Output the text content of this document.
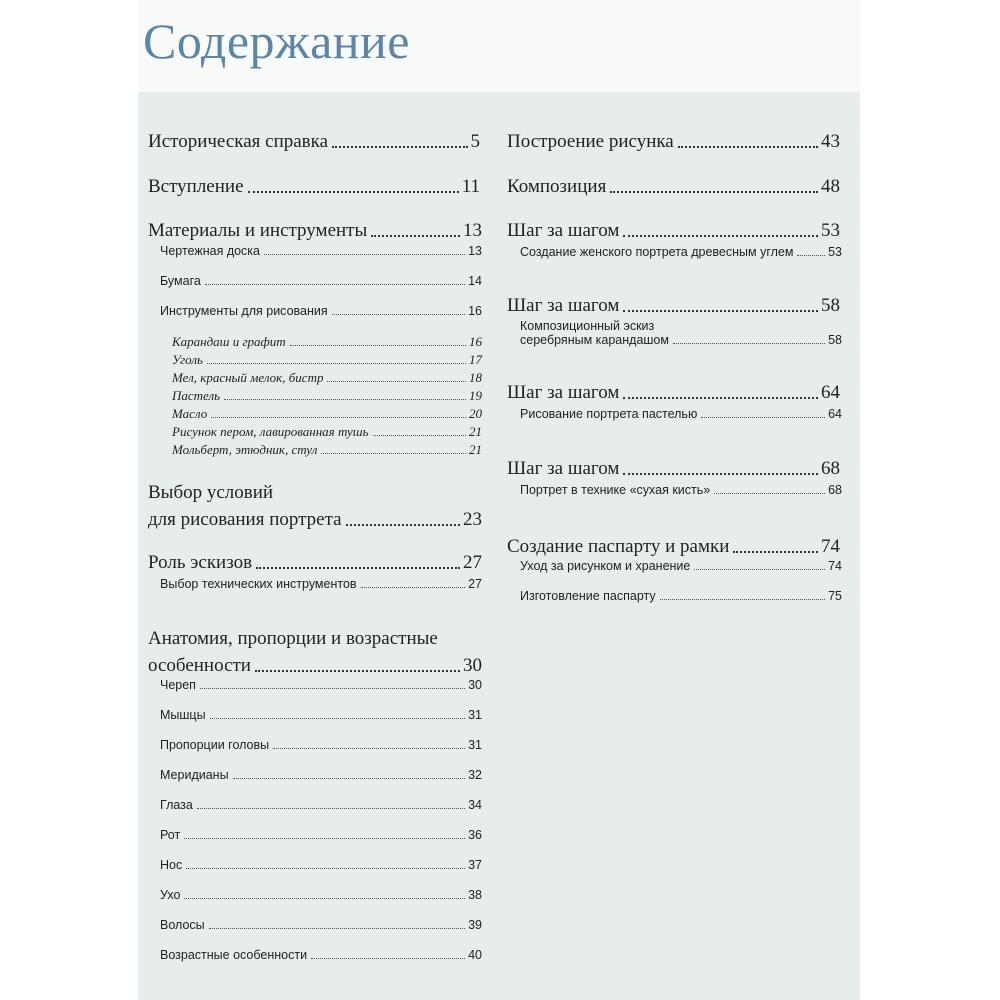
Содержание
Историческая справка	5
Вступление	11
Материалы и инструменты	13
Чертежная доска	13
Бумага	14
Инструменты для рисования	16
Карандаш и графит	16
Уголь	17
Мел, красный мелок, бистр	18
Пастель	19
Масло	20
Рисунок пером, лавированная тушь	21
Мольберт, этюдник, стул	21
Выбор условий
для рисования портрета	23
Роль эскизов	27
Выбор технических инструментов	27
Анатомия, пропорции и возрастные
особенности	30
Череп	30
Мышцы	31
Пропорции головы	31
Меридианы	32
Глаза	34
Рот	36
Нос	37
Ухо	38
Волосы	39
Возрастные особенности	40
Построение рисунка	43
Композиция	48
Шаг за шагом	53
Создание женского портрета древесным углем	53
Шаг за шагом	58
Композиционный эскиз
серебряным карандашом	58
Шаг за шагом	64
Рисование портрета пастелью	64
Шаг за шагом	68
Портрет в технике «сухая кисть»	68
Создание паспарту и рамки	74
Уход за рисунком и хранение	74
Изготовление паспарту	75
